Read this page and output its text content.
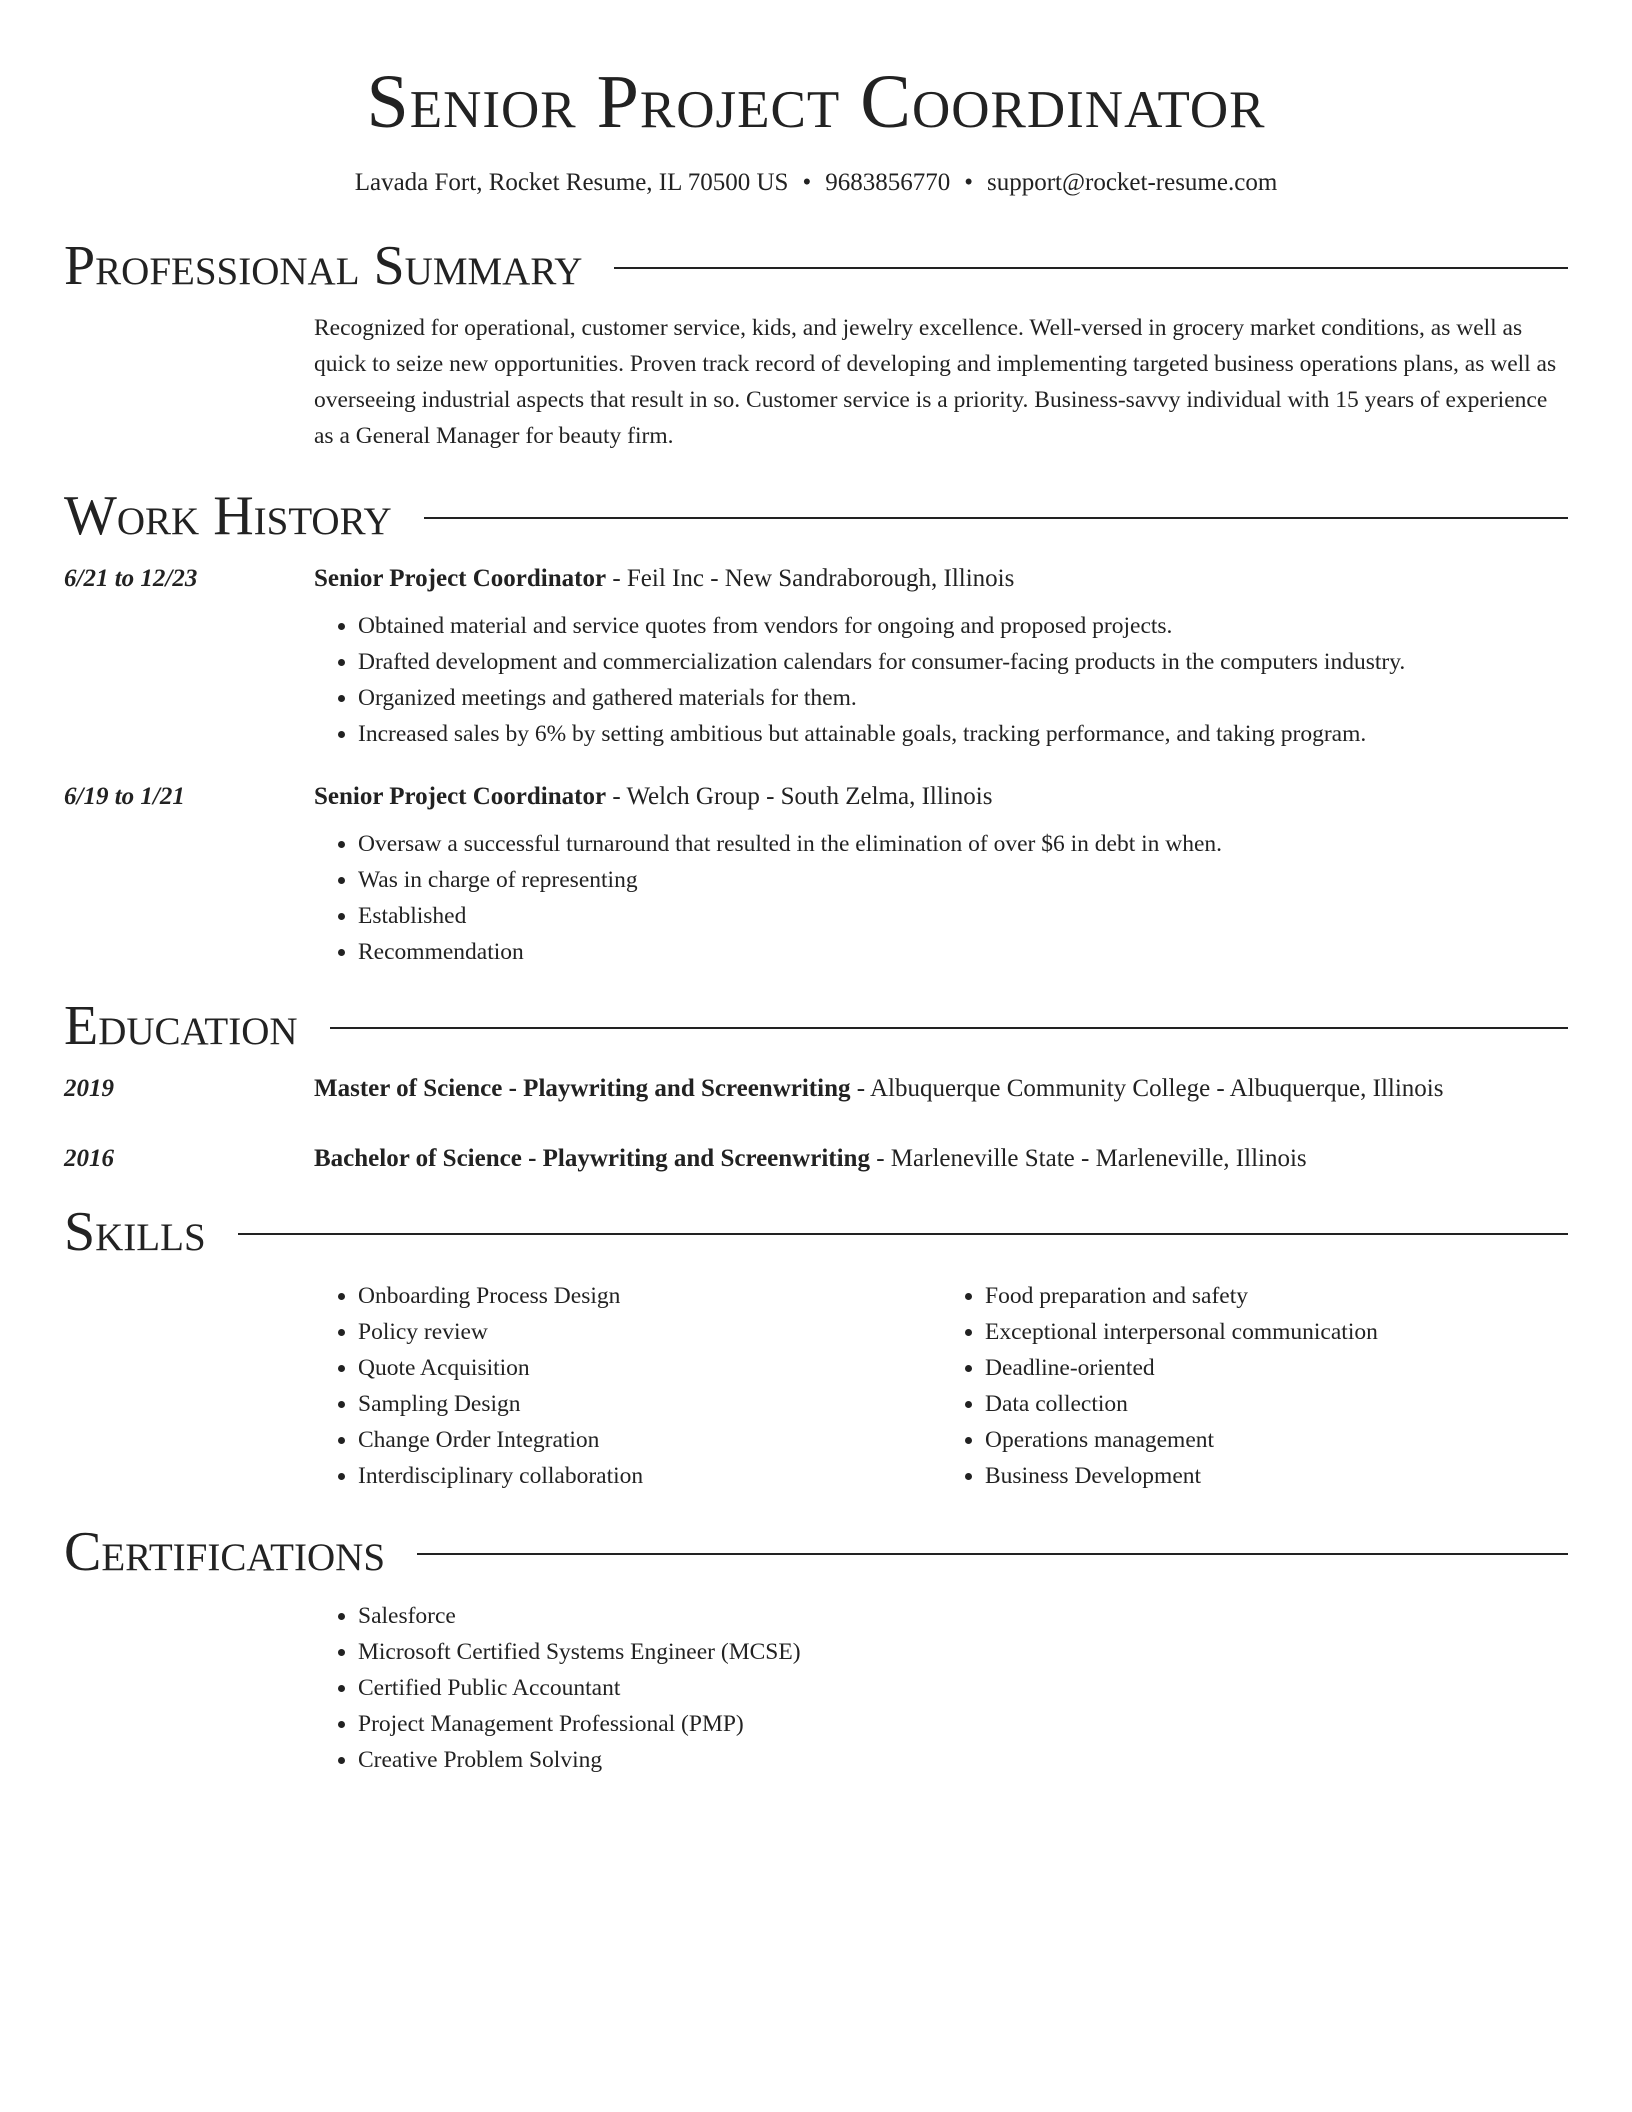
Senior Project Coordinator
Lavada Fort, Rocket Resume, IL 70500 US • 9683856770 • support@rocket-resume.com
Professional Summary

Recognized for operational, customer service, kids, and jewelry excellence. Well-versed in grocery market conditions, as well as quick to seize new opportunities. Proven track record of developing and implementing targeted business operations plans, as well as overseeing industrial aspects that result in so. Customer service is a priority. Business-savvy individual with 15 years of experience as a General Manager for beauty firm.

Work History
6/21 to 12/23	Senior Project Coordinator - Feil Inc - New Sandraborough, Illinois
• Obtained material and service quotes from vendors for ongoing and proposed projects.
• Drafted development and commercialization calendars for consumer-facing products in the computers industry.
• Organized meetings and gathered materials for them.
• Increased sales by 6% by setting ambitious but attainable goals, tracking performance, and taking program.
6/19 to 1/21	Senior Project Coordinator - Welch Group - South Zelma, Illinois
• Oversaw a successful turnaround that resulted in the elimination of over $6 in debt in when.
• Was in charge of representing
• Established
• Recommendation
Education
2019	Master of Science - Playwriting and Screenwriting - Albuquerque Community College - Albuquerque, Illinois
2016	Bachelor of Science - Playwriting and Screenwriting - Marleneville State - Marleneville, Illinois
Skills
• Onboarding Process Design
• Policy review
• Quote Acquisition
• Sampling Design
• Change Order Integration
• Interdisciplinary collaboration
• Food preparation and safety
• Exceptional interpersonal communication
• Deadline-oriented
• Data collection
• Operations management
• Business Development
Certifications
• Salesforce
• Microsoft Certified Systems Engineer (MCSE)
• Certified Public Accountant
• Project Management Professional (PMP)
• Creative Problem Solving
